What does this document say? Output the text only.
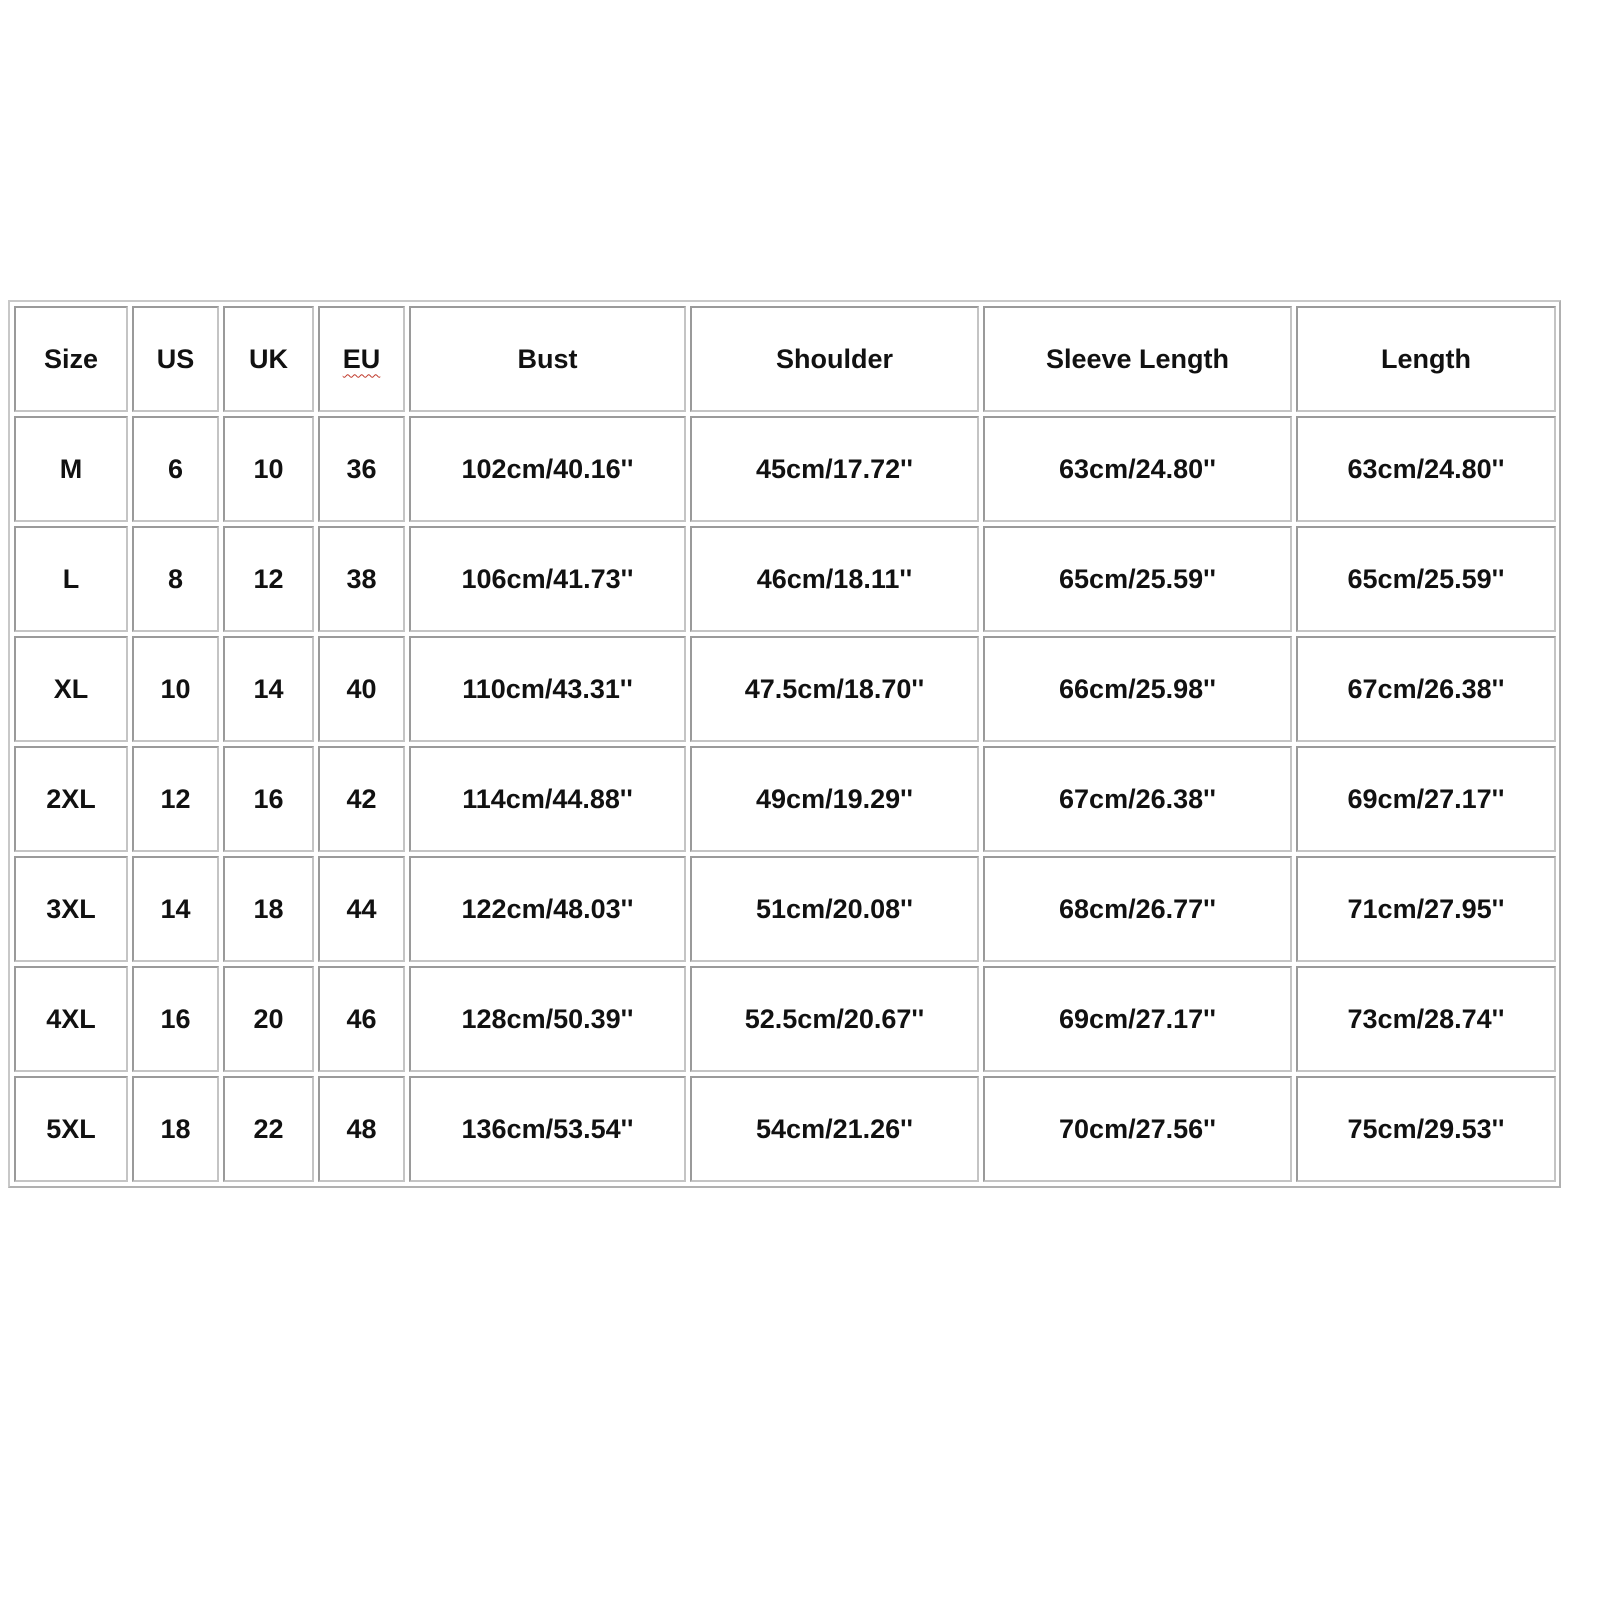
Size	US	UK	EU	Bust	Shoulder	Sleeve Length	Length
M	6	10	36	102cm/40.16''	45cm/17.72''	63cm/24.80''	63cm/24.80''
L	8	12	38	106cm/41.73''	46cm/18.11''	65cm/25.59''	65cm/25.59''
XL	10	14	40	110cm/43.31''	47.5cm/18.70''	66cm/25.98''	67cm/26.38''
2XL	12	16	42	114cm/44.88''	49cm/19.29''	67cm/26.38''	69cm/27.17''
3XL	14	18	44	122cm/48.03''	51cm/20.08''	68cm/26.77''	71cm/27.95''
4XL	16	20	46	128cm/50.39''	52.5cm/20.67''	69cm/27.17''	73cm/28.74''
5XL	18	22	48	136cm/53.54''	54cm/21.26''	70cm/27.56''	75cm/29.53''
